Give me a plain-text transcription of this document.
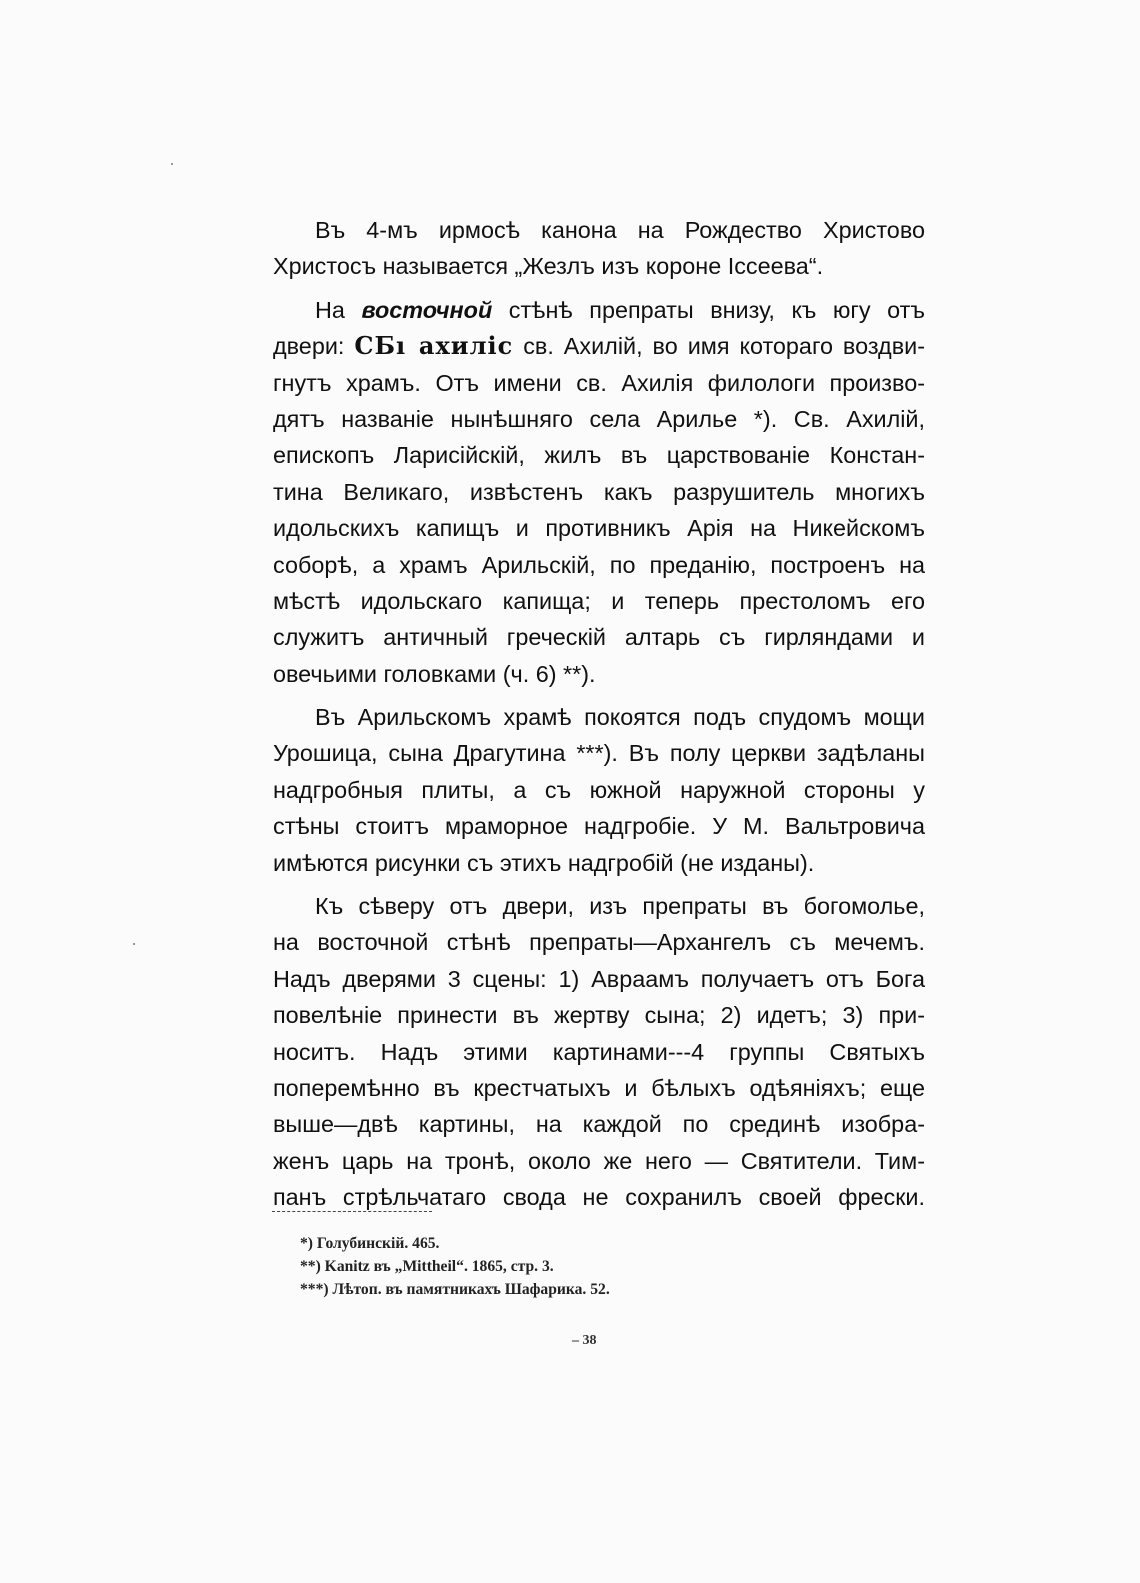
Въ 4-мъ ирмосѣ канона на Рождество Христово
Христосъ называется „Жезлъ изъ короне Іссеева“.
На восточной стѣнѣ препраты внизу, къ югу отъ
двери: СБı ахиліс св. Ахилій, во имя котораго воздви-
гнутъ храмъ. Отъ имени св. Ахилія филологи произво-
дятъ названіе нынѣшняго села Арилье *). Св. Ахилій,
епископъ Ларисійскій, жилъ въ царствованіе Констан-
тина Великаго, извѣстенъ какъ разрушитель многихъ
идольскихъ капищъ и противникъ Арія на Никейскомъ
соборѣ, а храмъ Арильскій, по преданію, построенъ на
мѣстѣ идольскаго капища; и теперь престоломъ его
служитъ античный греческій алтарь съ гирляндами и
овечьими головками (ч. 6) **).
Въ Арильскомъ храмѣ покоятся подъ спудомъ мощи
Урошица, сына Драгутина ***). Въ полу церкви задѣланы
надгробныя плиты, а съ южной наружной стороны у
стѣны стоитъ мраморное надгробіе. У М. Вальтровича
имѣются рисунки съ этихъ надгробій (не изданы).
Къ сѣверу отъ двери, изъ препраты въ богомолье,
на восточной стѣнѣ препраты—Архангелъ съ мечемъ.
Надъ дверями 3 сцены: 1) Авраамъ получаетъ отъ Бога
повелѣніе принести въ жертву сына; 2) идетъ; 3) при-
носитъ. Надъ этими картинами---4 группы Святыхъ
поперемѣнно въ крестчатыхъ и бѣлыхъ одѣяніяхъ; еще
выше—двѣ картины, на каждой по срединѣ изобра-
женъ царь на тронѣ, около же него — Святители. Тим-
панъ стрѣльчатаго свода не сохранилъ своей фрески.
*) Голубинскій. 465.
**) Kanitz въ „Mittheil“. 1865, стр. 3.
***) Лѣтоп. въ памятникахъ Шафарика. 52.
– 38
